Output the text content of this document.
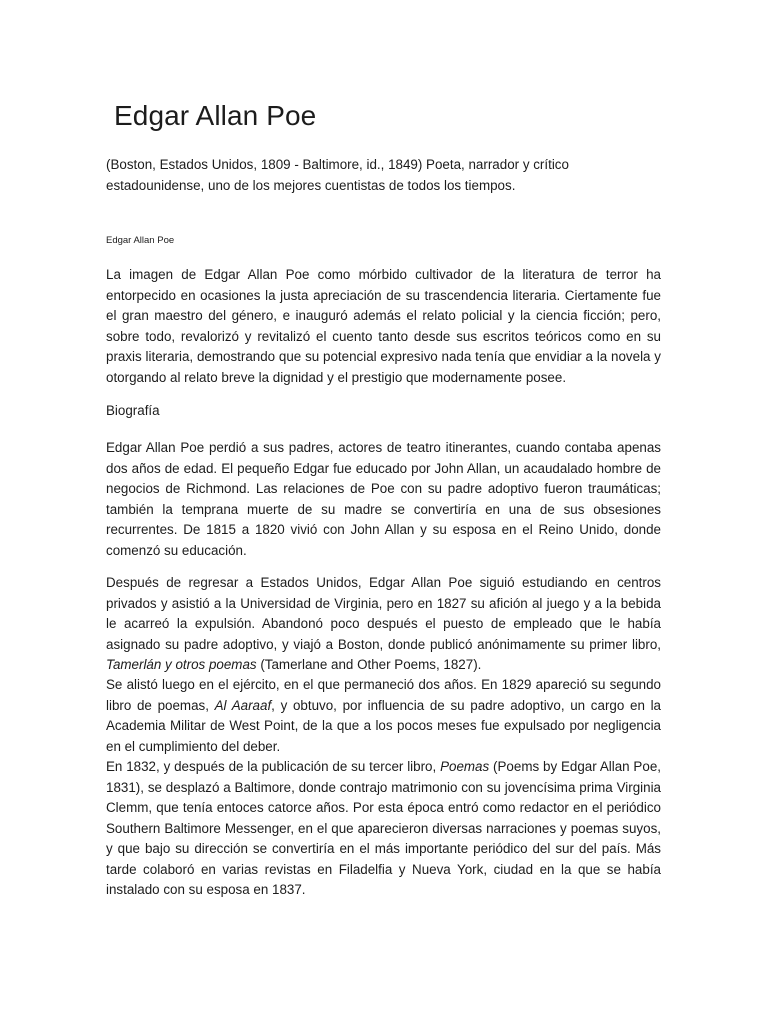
Edgar Allan Poe

(Boston, Estados Unidos, 1809 - Baltimore, id., 1849) Poeta, narrador y crítico estadounidense, uno de los mejores cuentistas de todos los tiempos.

Edgar Allan Poe

La imagen de Edgar Allan Poe como mórbido cultivador de la literatura de terror ha entorpecido en ocasiones la justa apreciación de su trascendencia literaria. Ciertamente fue el gran maestro del género, e inauguró además el relato policial y la ciencia ficción; pero, sobre todo, revalorizó y revitalizó el cuento tanto desde sus escritos teóricos como en su praxis literaria, demostrando que su potencial expresivo nada tenía que envidiar a la novela y otorgando al relato breve la dignidad y el prestigio que modernamente posee.

Biografía

Edgar Allan Poe perdió a sus padres, actores de teatro itinerantes, cuando contaba apenas dos años de edad. El pequeño Edgar fue educado por John Allan, un acaudalado hombre de negocios de Richmond. Las relaciones de Poe con su padre adoptivo fueron traumáticas; también la temprana muerte de su madre se convertiría en una de sus obsesiones recurrentes. De 1815 a 1820 vivió con John Allan y su esposa en el Reino Unido, donde comenzó su educación.

Después de regresar a Estados Unidos, Edgar Allan Poe siguió estudiando en centros privados y asistió a la Universidad de Virginia, pero en 1827 su afición al juego y a la bebida le acarreó la expulsión. Abandonó poco después el puesto de empleado que le había asignado su padre adoptivo, y viajó a Boston, donde publicó anónimamente su primer libro, Tamerlán y otros poemas (Tamerlane and Other Poems, 1827).

Se alistó luego en el ejército, en el que permaneció dos años. En 1829 apareció su segundo libro de poemas, Al Aaraaf, y obtuvo, por influencia de su padre adoptivo, un cargo en la Academia Militar de West Point, de la que a los pocos meses fue expulsado por negligencia en el cumplimiento del deber.

En 1832, y después de la publicación de su tercer libro, Poemas (Poems by Edgar Allan Poe, 1831), se desplazó a Baltimore, donde contrajo matrimonio con su jovencísima prima Virginia Clemm, que tenía entoces catorce años. Por esta época entró como redactor en el periódico Southern Baltimore Messenger, en el que aparecieron diversas narraciones y poemas suyos, y que bajo su dirección se convertiría en el más importante periódico del sur del país. Más tarde colaboró en varias revistas en Filadelfia y Nueva York, ciudad en la que se había instalado con su esposa en 1837.
